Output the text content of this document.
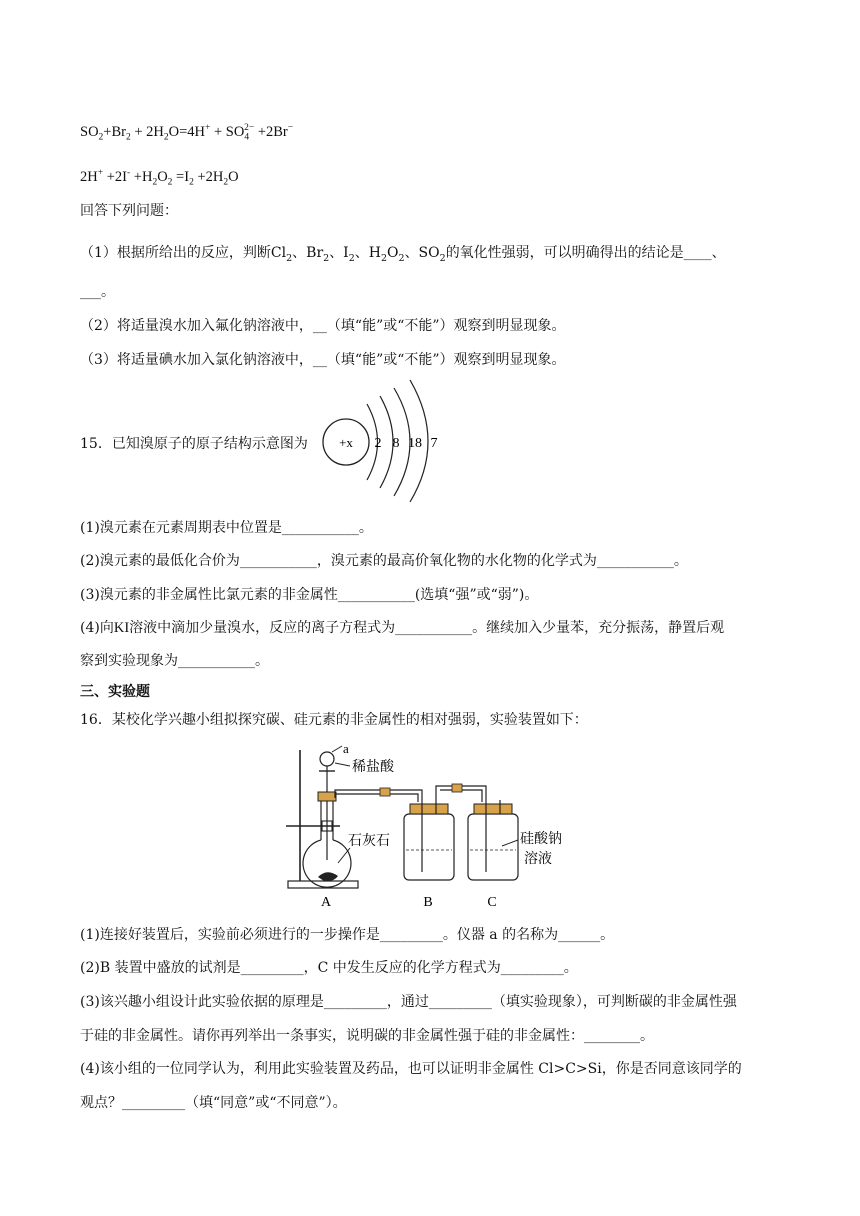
$SO_2+Br_2 + 2H_2O=4H^+ + SO_4^{2-} +2Br^-$
$2H^+ +2I^- +H_2O_2 =I_2 +2H_2O$
回答下列问题：
（1）根据所给出的反应，判断$Cl_2$、$Br_2$、$I_2$、$H_2O_2$、$SO_2$的氧化性强弱，可以明确得出的结论是____、
___。
（2）将适量溴水加入氟化钠溶液中，__（填“能”或“不能”）观察到明显现象。
（3）将适量碘水加入氯化钠溶液中，__（填“能”或“不能”）观察到明显现象。
15．已知溴原子的原子结构示意图为 +x 2 8 18 7
(1)溴元素在元素周期表中位置是___________。
(2)溴元素的最低化合价为___________，溴元素的最高价氧化物的水化物的化学式为___________。
(3)溴元素的非金属性比氯元素的非金属性___________(选填“强”或“弱”)。
(4)向KI溶液中滴加少量溴水，反应的离子方程式为___________。继续加入少量苯，充分振荡，静置后观
察到实验现象为___________。
三、实验题
16．某校化学兴趣小组拟探究碳、硅元素的非金属性的相对强弱，实验装置如下：
a
稀盐酸
石灰石	硅酸钠
溶液
A	B	C
(1)连接好装置后，实验前必须进行的一步操作是_________。仪器 a 的名称为______。
(2)B 装置中盛放的试剂是_________，C 中发生反应的化学方程式为_________。
(3)该兴趣小组设计此实验依据的原理是_________，通过_________（填实验现象），可判断碳的非金属性强
于硅的非金属性。请你再列举出一条事实，说明碳的非金属性强于硅的非金属性：________。
(4)该小组的一位同学认为，利用此实验装置及药品，也可以证明非金属性 Cl>C>Si，你是否同意该同学的
观点？_________（填“同意”或“不同意”）。
